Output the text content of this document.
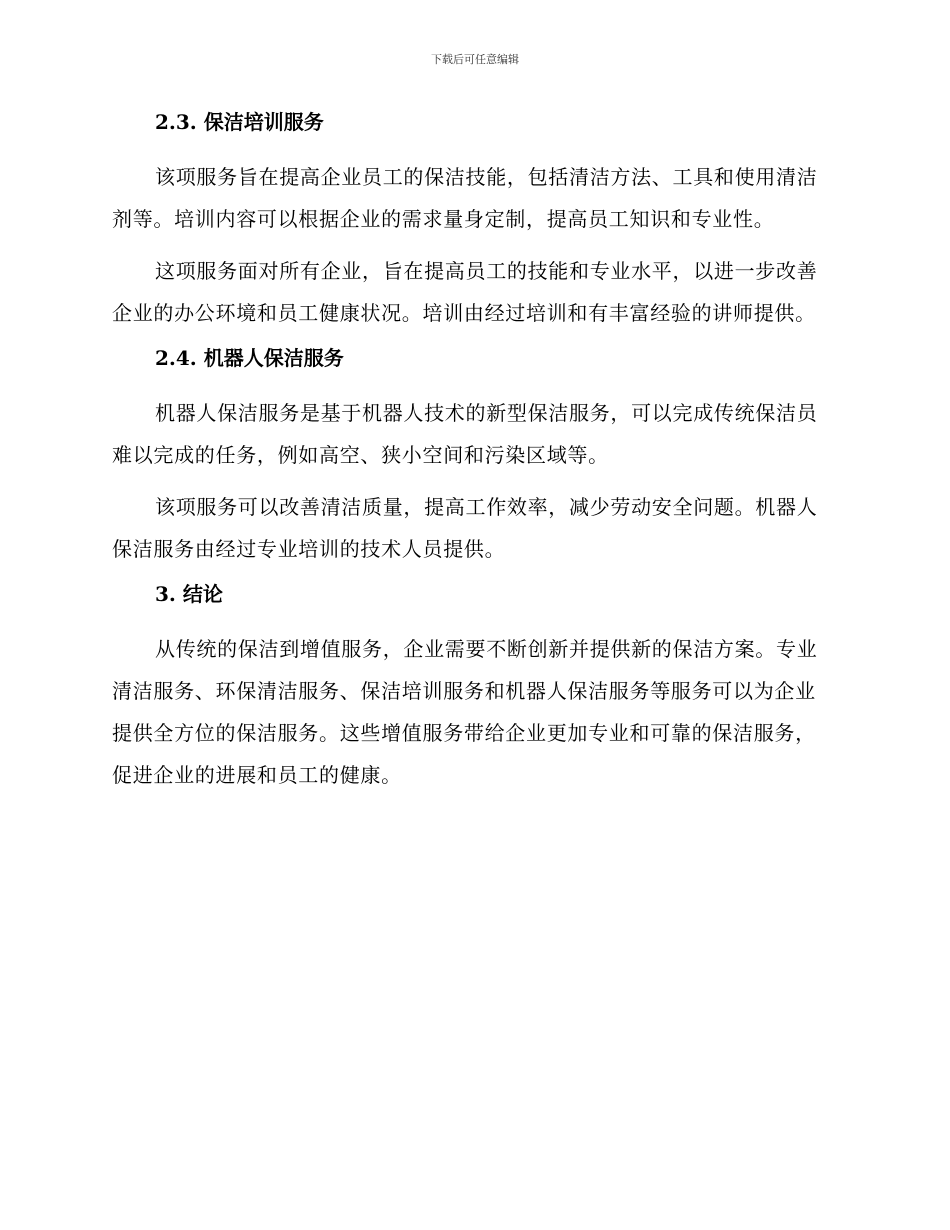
下载后可任意编辑
2.3. 保洁培训服务

该项服务旨在提高企业员工的保洁技能，包括清洁方法、工具和使用清洁剂等。培训内容可以根据企业的需求量身定制，提高员工知识和专业性。

这项服务面对所有企业，旨在提高员工的技能和专业水平，以进一步改善企业的办公环境和员工健康状况。培训由经过培训和有丰富经验的讲师提供。

2.4. 机器人保洁服务

机器人保洁服务是基于机器人技术的新型保洁服务，可以完成传统保洁员难以完成的任务，例如高空、狭小空间和污染区域等。

该项服务可以改善清洁质量，提高工作效率，减少劳动安全问题。机器人保洁服务由经过专业培训的技术人员提供。

3. 结论

从传统的保洁到增值服务，企业需要不断创新并提供新的保洁方案。专业清洁服务、环保清洁服务、保洁培训服务和机器人保洁服务等服务可以为企业提供全方位的保洁服务。这些增值服务带给企业更加专业和可靠的保洁服务，促进企业的进展和员工的健康。
